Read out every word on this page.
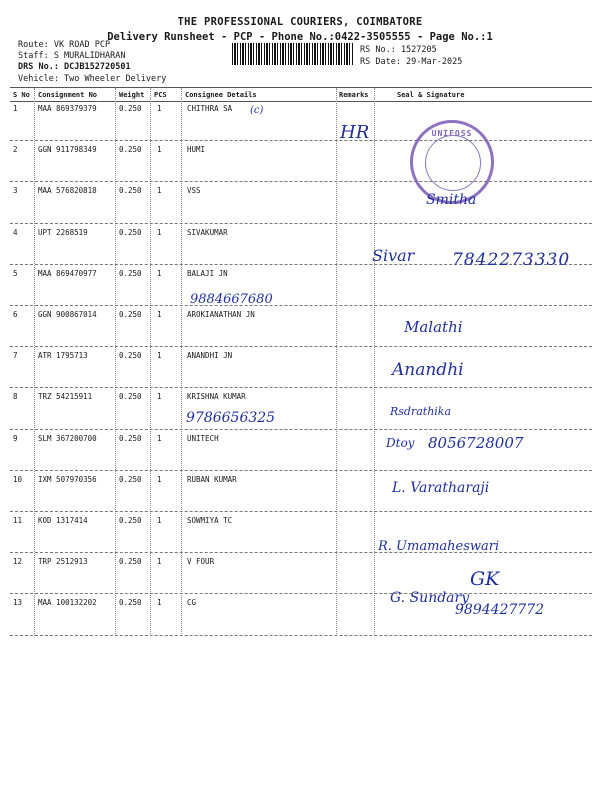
THE PROFESSIONAL COURIERS, COIMBATORE
Delivery Runsheet - PCP - Phone No.:0422-3505555 - Page No.:1
Route: VK ROAD PCP
Staff: S MURALIDHARAN
DRS No.: DCJB152720501
Vehicle: Two Wheeler Delivery
RS No.: 1527205
RS Date: 29-Mar-2025
S No Consignment No	Weight PCS	Consignee Details	Remarks	Seal & Signature
1	MAA 869379379	0.250 1	CHITHRA SA
2	GGN 911798349	0.250 1	HUMI
3	MAA 576820818	0.250 1	VSS
4	UPT 2268519	0.250 1	SIVAKUMAR
5	MAA 869470977	0.250 1	BALAJI JN
6	GGN 900867014	0.250 1	AROKIANATHAN JN
7	ATR 1795713	0.250 1	ANANDHI JN
8	TRZ 54215911	0.250 1	KRISHNA KUMAR
9	SLM 367200700	0.250 1	UNITECH
10 IXM 507970356	0.250 1	RUBAN KUMAR
11 KOD 1317414	0.250 1	SOWMIYA TC
12 TRP 2512913	0.250 1	V FOUR
13 MAA 100132202	0.250 1	CG
UNIFOSS
(c)
HR
Smitha
Sivar 7842273330
9884667680
Malathi
Anandhi
9786656325	Rsdrathika
Dtoy 8056728007
L. Varatharaji
R. Umamaheswari
GK
G. Sundary
9894427772
